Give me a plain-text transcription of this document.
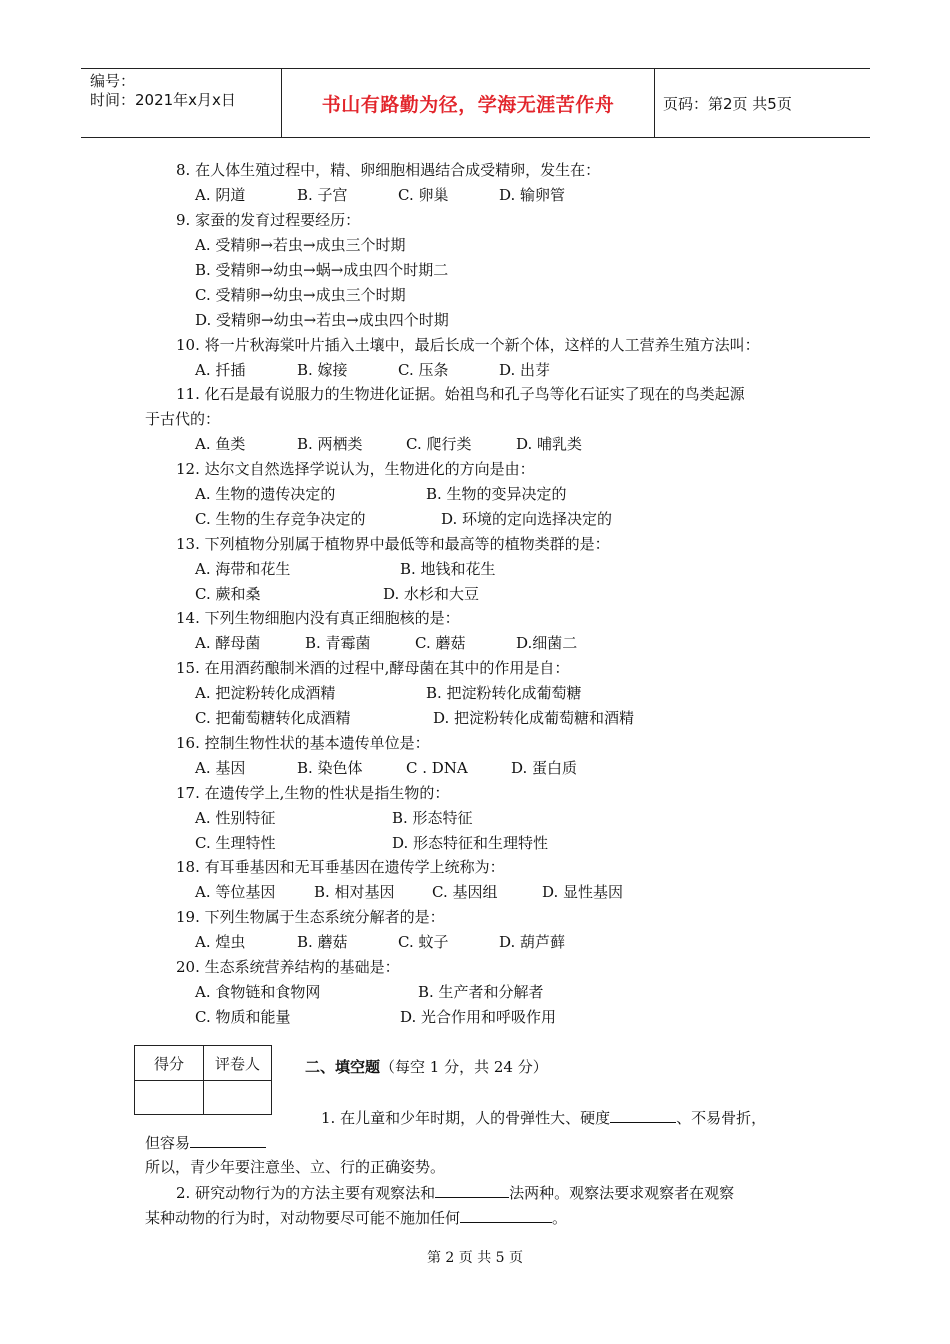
编号：
时间：2021年x月x日	书山有路勤为径，学海无涯苦作舟	页码：第2页 共5页
8. 在人体生殖过程中，精、卵细胞相遇结合成受精卵，发生在：
A. 阴道	B. 子宫	C. 卵巢	D. 输卵管
9. 家蚕的发育过程要经历：
A. 受精卵→若虫→成虫三个时期
B. 受精卵→幼虫→蜗→成虫四个时期二
C. 受精卵→幼虫→成虫三个时期
D. 受精卵→幼虫→若虫→成虫四个时期
10. 将一片秋海棠叶片插入土壤中，最后长成一个新个体，这样的人工营养生殖方法叫：
A. 扦插	B. 嫁接	C. 压条	D. 出芽
11. 化石是最有说服力的生物进化证据。始祖鸟和孔子鸟等化石证实了现在的鸟类起源
于古代的：
A. 鱼类	B. 两栖类	C. 爬行类	D. 哺乳类
12. 达尔文自然选择学说认为，生物进化的方向是由：
A. 生物的遗传决定的	B. 生物的变异决定的
C. 生物的生存竞争决定的	D. 环境的定向选择决定的
13. 下列植物分别属于植物界中最低等和最高等的植物类群的是：
A. 海带和花生	B. 地钱和花生
C. 蕨和桑	D. 水杉和大豆
14. 下列生物细胞内没有真正细胞核的是：
A. 酵母菌	B. 青霉菌	C. 蘑菇	D.细菌二
15. 在用酒药酿制米酒的过程中,酵母菌在其中的作用是自：
A. 把淀粉转化成酒精	B. 把淀粉转化成葡萄糖
C. 把葡萄糖转化成酒精	D. 把淀粉转化成葡萄糖和酒精
16. 控制生物性状的基本遗传单位是：
A. 基因	B. 染色体	C . DNA	D. 蛋白质
17. 在遗传学上,生物的性状是指生物的：
A. 性别特征	B. 形态特征
C. 生理特性	D. 形态特征和生理特性
18. 有耳垂基因和无耳垂基因在遗传学上统称为：
A. 等位基因	B. 相对基因 C. 基因组	D. 显性基因
19. 下列生物属于生态系统分解者的是：
A. 煌虫	B. 蘑菇	C. 蚊子	D. 葫芦藓
20. 生态系统营养结构的基础是：
A. 食物链和食物网	B. 生产者和分解者
C. 物质和能量	D. 光合作用和呼吸作用
得分	评卷人	二、填空题（每空 1 分，共 24 分）
1. 在儿童和少年时期，人的骨弹性大、硬度	、不易骨折，
但容易
所以，青少年要注意坐、立、行的正确姿势。
2. 研究动物行为的方法主要有观察法和	法两种。观察法要求观察者在观察
某种动物的行为时，对动物要尽可能不施加任何	。
第 2 页 共 5 页
